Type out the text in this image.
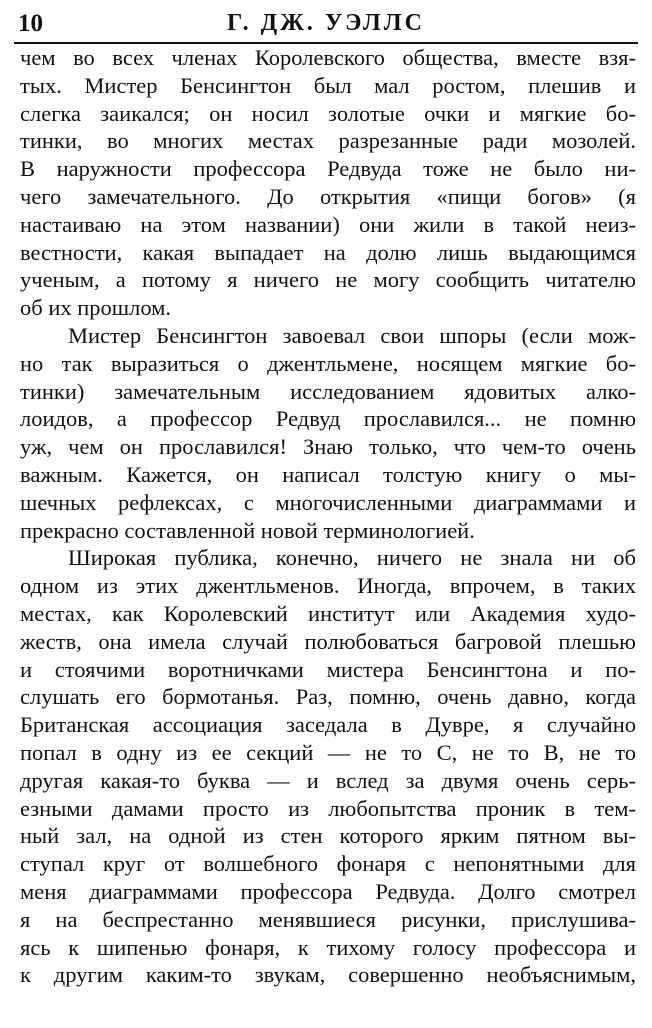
10	Г. ДЖ. УЭЛЛС
чем во всех членах Королевского общества, вместе взя-
тых. Мистер Бенсингтон был мал ростом, плешив и
слегка заикался; он носил золотые очки и мягкие бо-
тинки, во многих местах разрезанные ради мозолей.
В наружности профессора Редвуда тоже не было ни-
чего замечательного. До открытия «пищи богов» (я
настаиваю на этом названии) они жили в такой неиз-
вестности, какая выпадает на долю лишь выдающимся
ученым, а потому я ничего не могу сообщить читателю
об их прошлом.
Мистер Бенсингтон завоевал свои шпоры (если мож-
но так выразиться о джентльмене, носящем мягкие бо-
тинки) замечательным исследованием ядовитых алко-
лоидов, а профессор Редвуд прославился... не помню
уж, чем он прославился! Знаю только, что чем-то очень
важным. Кажется, он написал толстую книгу о мы-
шечных рефлексах, с многочисленными диаграммами и
прекрасно составленной новой терминологией.
Широкая публика, конечно, ничего не знала ни об
одном из этих джентльменов. Иногда, впрочем, в таких
местах, как Королевский институт или Академия худо-
жеств, она имела случай полюбоваться багровой плешью
и стоячими воротничками мистера Бенсингтона и по-
слушать его бормотанья. Раз, помню, очень давно, когда
Британская ассоциация заседала в Дувре, я случайно
попал в одну из ее секций — не то С, не то В, не то
другая какая-то буква — и вслед за двумя очень серь-
езными дамами просто из любопытства проник в тем-
ный зал, на одной из стен которого ярким пятном вы-
ступал круг от волшебного фонаря с непонятными для
меня диаграммами профессора Редвуда. Долго смотрел
я на беспрестанно менявшиеся рисунки, прислушива-
ясь к шипенью фонаря, к тихому голосу профессора и
к другим каким-то звукам, совершенно необъяснимым,
